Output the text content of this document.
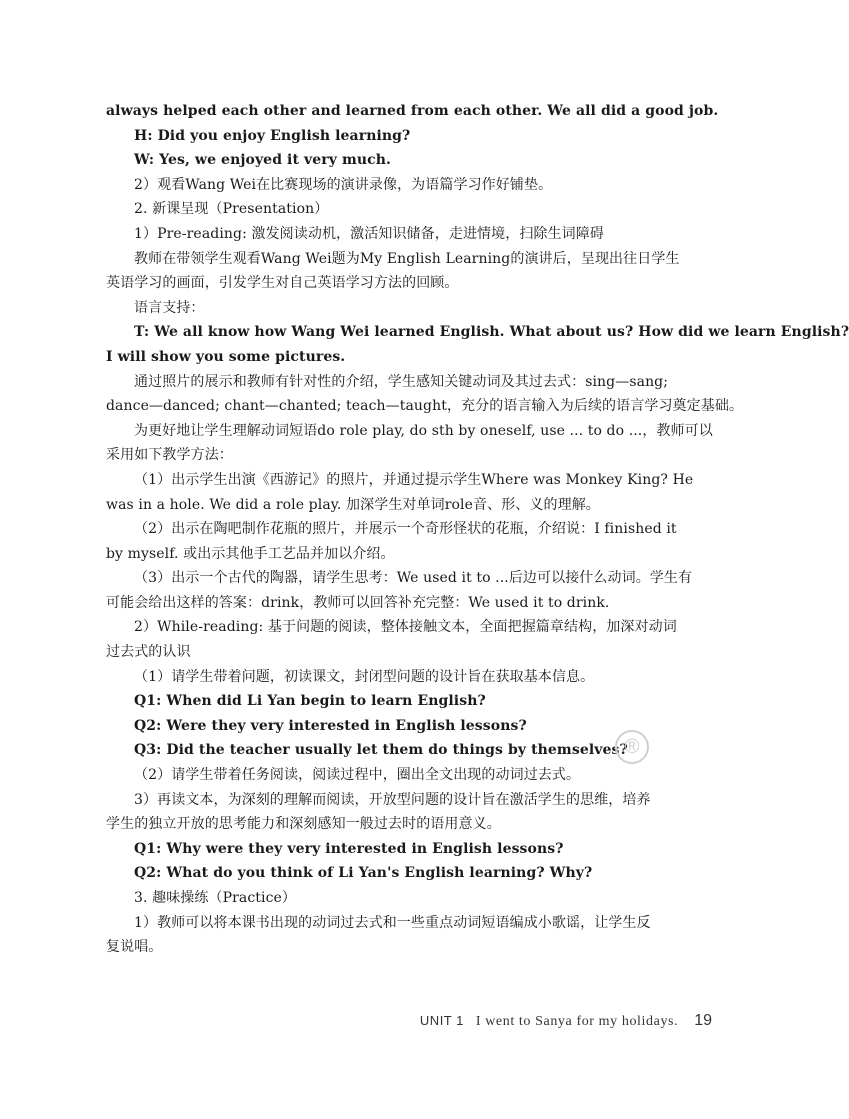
always helped each other and learned from each other. We all did a good job.
H: Did you enjoy English learning?
W: Yes, we enjoyed it very much.
2）观看Wang Wei在比赛现场的演讲录像，为语篇学习作好铺垫。
2. 新课呈现（Presentation）
1）Pre-reading: 激发阅读动机，激活知识储备，走进情境，扫除生词障碍
教师在带领学生观看Wang Wei题为My English Learning的演讲后，呈现出往日学生
英语学习的画面，引发学生对自己英语学习方法的回顾。
语言支持：
T: We all know how Wang Wei learned English. What about us? How did we learn English?
I will show you some pictures.
通过照片的展示和教师有针对性的介绍，学生感知关键动词及其过去式：sing—sang;
dance—danced; chant—chanted; teach—taught，充分的语言输入为后续的语言学习奠定基础。
为更好地让学生理解动词短语do role play, do sth by oneself, use ... to do ...，教师可以
采用如下教学方法：
（1）出示学生出演《西游记》的照片，并通过提示学生Where was Monkey King? He
was in a hole. We did a role play. 加深学生对单词role音、形、义的理解。
（2）出示在陶吧制作花瓶的照片，并展示一个奇形怪状的花瓶，介绍说：I finished it
by myself. 或出示其他手工艺品并加以介绍。
（3）出示一个古代的陶器，请学生思考：We used it to ...后边可以接什么动词。学生有
可能会给出这样的答案：drink，教师可以回答补充完整：We used it to drink.
2）While-reading: 基于问题的阅读，整体接触文本，全面把握篇章结构，加深对动词
过去式的认识
（1）请学生带着问题，初读课文，封闭型问题的设计旨在获取基本信息。
Q1: When did Li Yan begin to learn English?
Q2: Were they very interested in English lessons?
Q3: Did the teacher usually let them do things by themselves?
（2）请学生带着任务阅读，阅读过程中，圈出全文出现的动词过去式。
3）再读文本，为深刻的理解而阅读，开放型问题的设计旨在激活学生的思维，培养
学生的独立开放的思考能力和深刻感知一般过去时的语用意义。
Q1: Why were they very interested in English lessons?
Q2: What do you think of Li Yan's English learning? Why?
3. 趣味操练（Practice）
1）教师可以将本课书出现的动词过去式和一些重点动词短语编成小歌谣，让学生反
复说唱。
®
UNIT 1 I went to Sanya for my holidays. 19
